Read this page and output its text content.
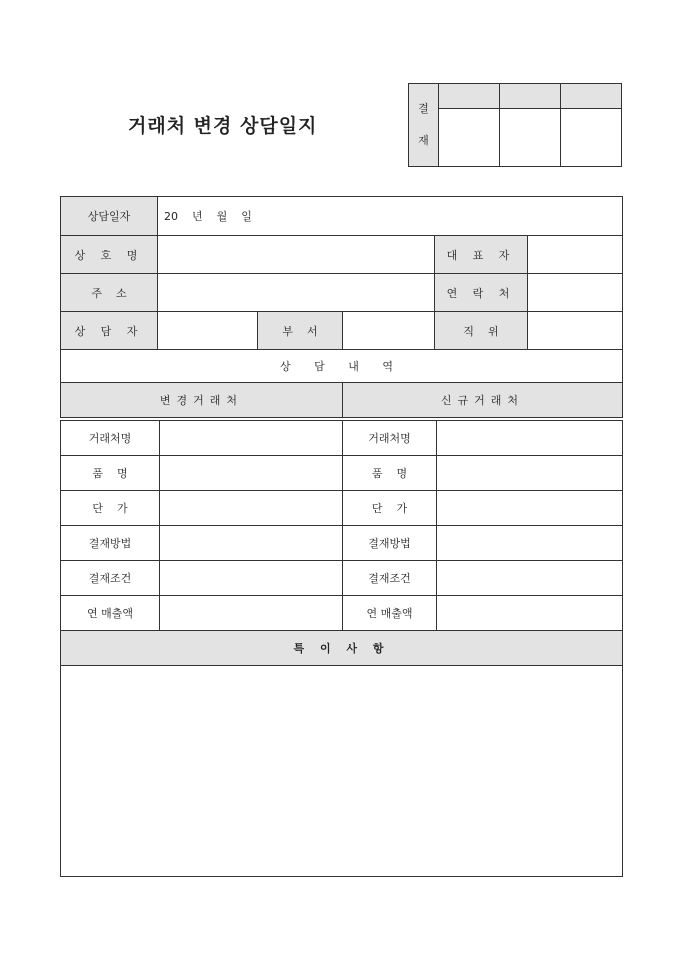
거래처 변경 상담일지
결
재			

상담일자	20    년    월    일				
상 호 명				대 표 자	
주    소				연 락 처	
상 담 자		부    서		직    위	
상 담 내 역					
변경거래처			신규거래처		
거래처명		거래처명	
품    명		품    명	
단    가		단    가	
결재방법		결재방법	
결재조건		결재조건	
연 매출액		연 매출액	
특 이 사 항			
